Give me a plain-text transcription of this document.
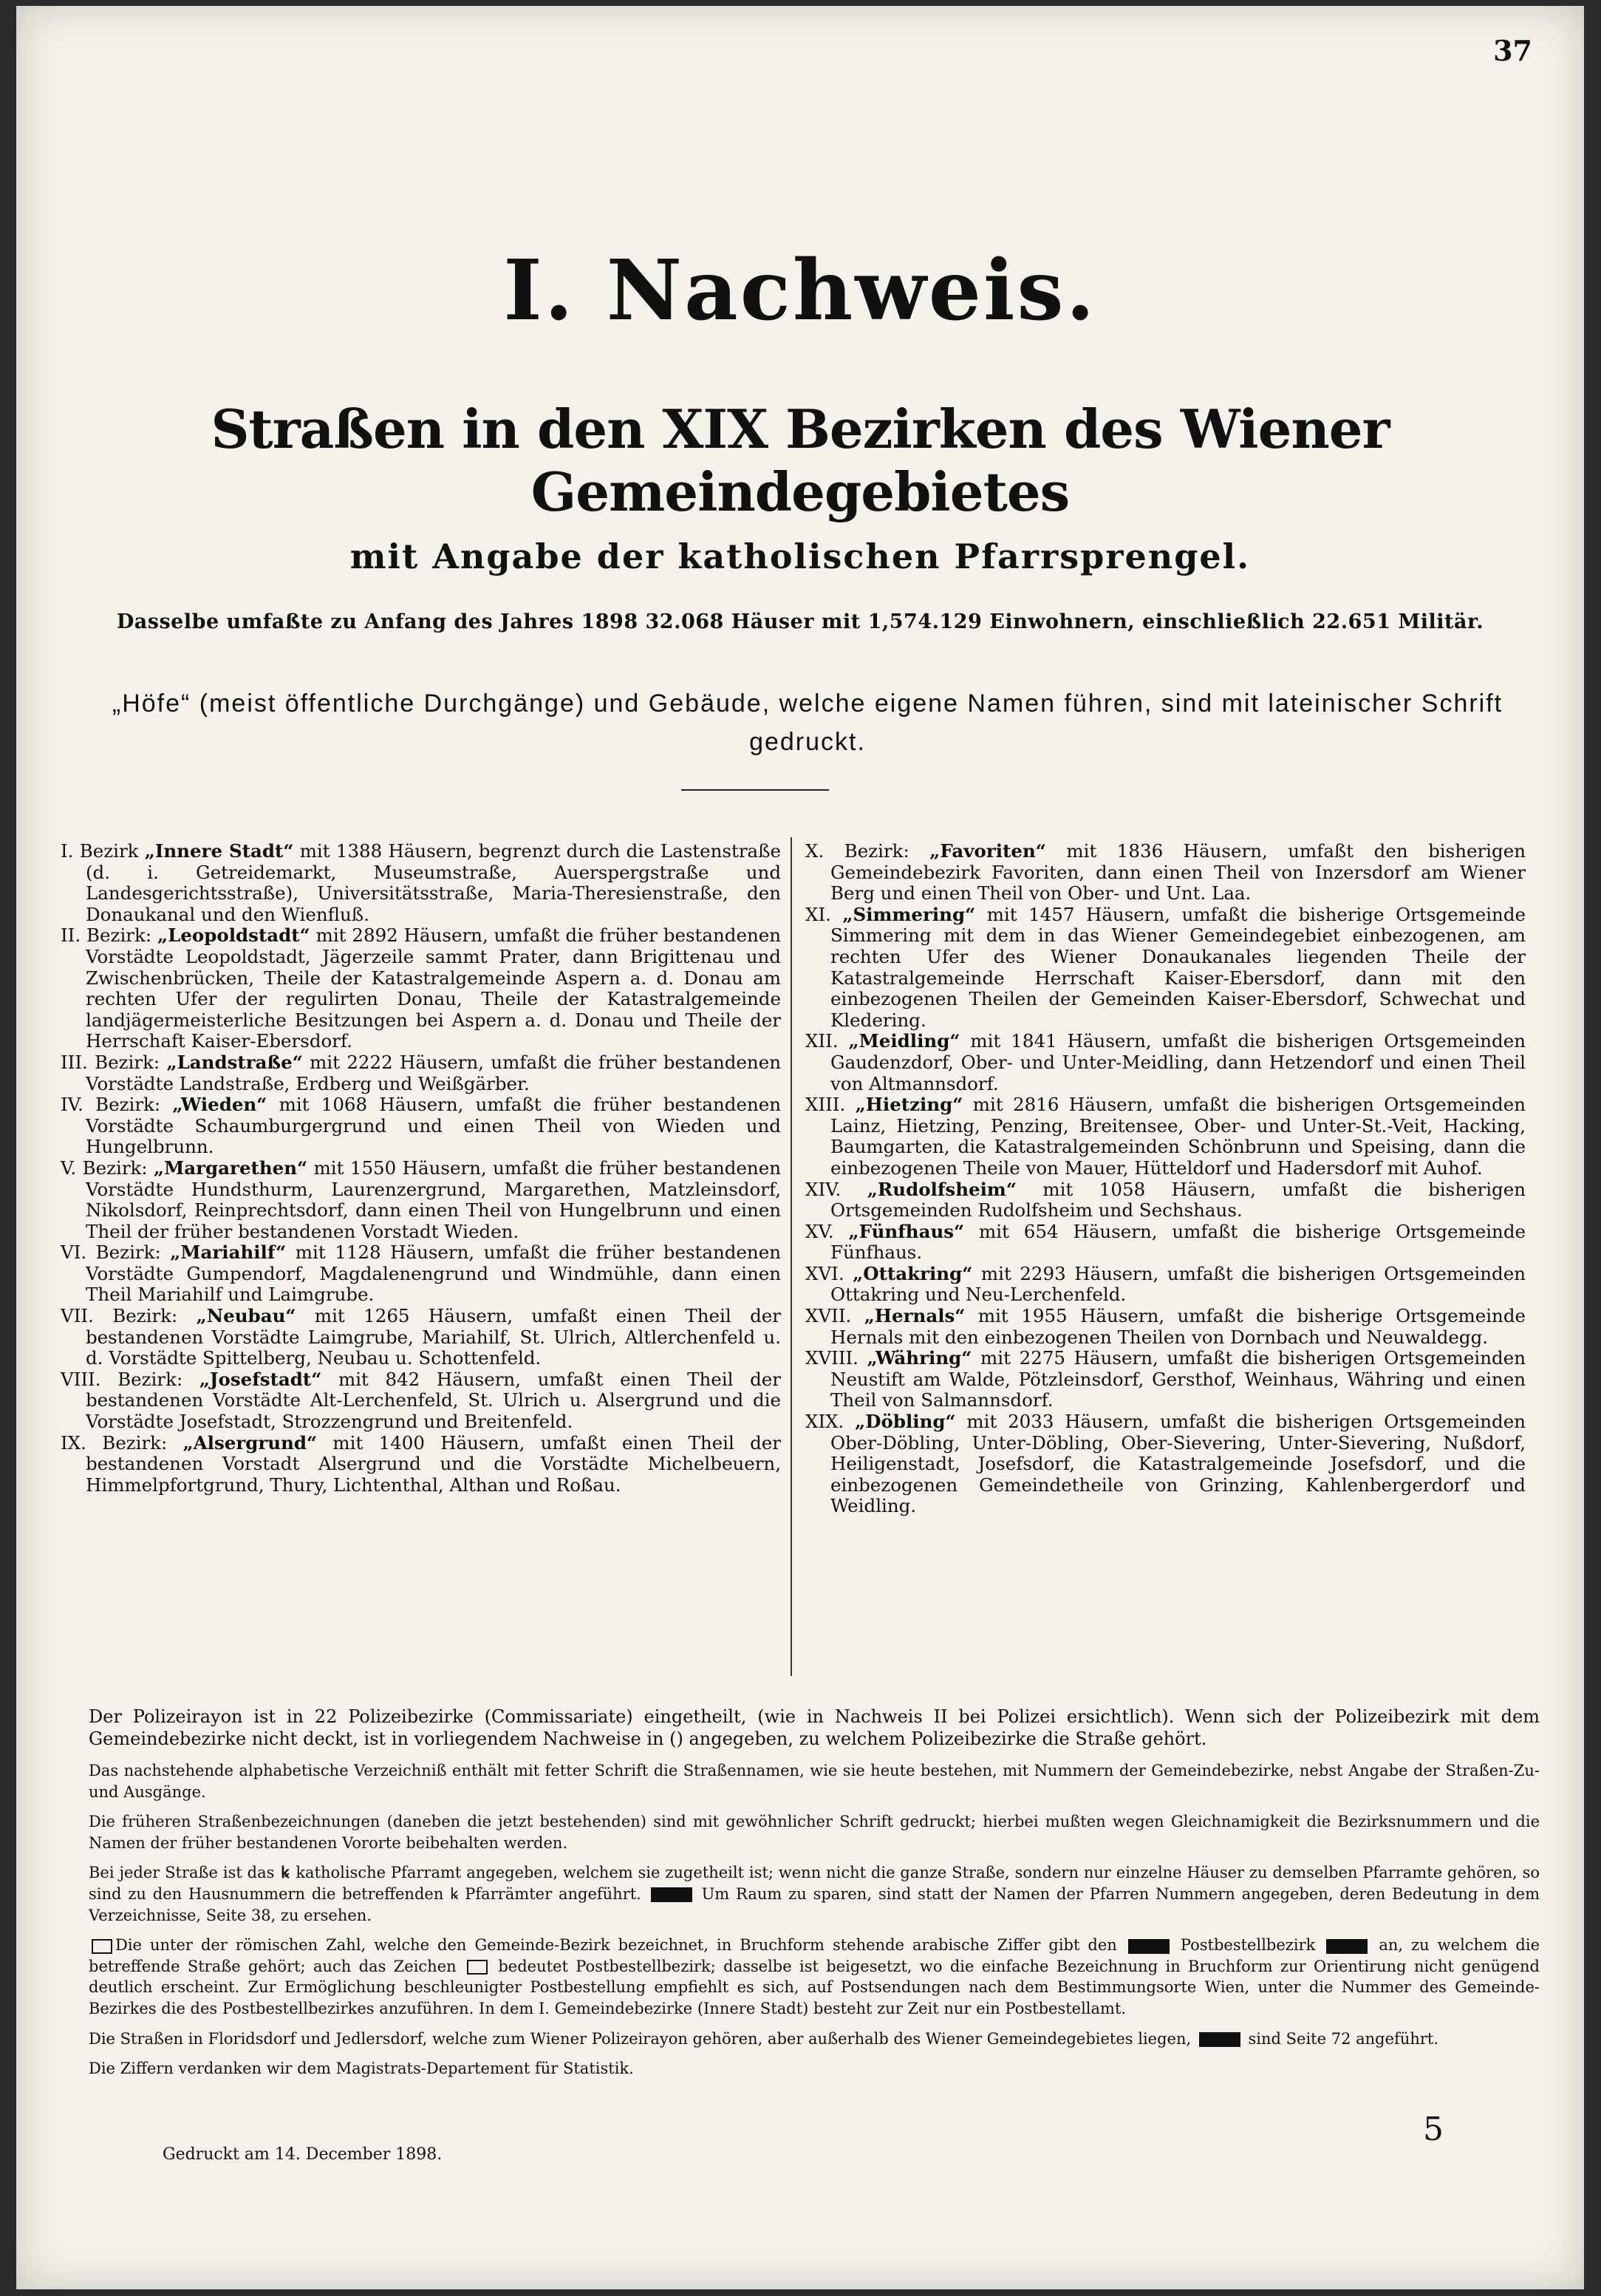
37
I. Nachweis.
Straßen in den XIX Bezirken des Wiener Gemeindegebietes
mit Angabe der katholischen Pfarrsprengel.
Dasselbe umfaßte zu Anfang des Jahres 1898 32.068 Häuser mit 1,574.129 Einwohnern, einschließlich 22.651 Militär.
„Höfe“ (meist öffentliche Durchgänge) und Gebäude, welche eigene Namen führen, sind mit lateinischer Schrift gedruckt.

I. Bezirk „Innere Stadt“ mit 1388 Häusern, begrenzt durch die Lastenstraße (d. i. Getreidemarkt, Museumstraße, Auerspergstraße und Landesgerichtsstraße), Universitätsstraße, Maria-Theresienstraße, den Donaukanal und den Wienfluß.

II. Bezirk: „Leopoldstadt“ mit 2892 Häusern, umfaßt die früher bestandenen Vorstädte Leopoldstadt, Jägerzeile sammt Prater, dann Brigittenau und Zwischenbrücken, Theile der Katastralgemeinde Aspern a. d. Donau am rechten Ufer der regulirten Donau, Theile der Katastralgemeinde landjägermeisterliche Besitzungen bei Aspern a. d. Donau und Theile der Herrschaft Kaiser-Ebersdorf.

III. Bezirk: „Landstraße“ mit 2222 Häusern, umfaßt die früher bestandenen Vorstädte Landstraße, Erdberg und Weißgärber.

IV. Bezirk: „Wieden“ mit 1068 Häusern, umfaßt die früher bestandenen Vorstädte Schaumburgergrund und einen Theil von Wieden und Hungelbrunn.

V. Bezirk: „Margarethen“ mit 1550 Häusern, umfaßt die früher bestandenen Vorstädte Hundsthurm, Laurenzergrund, Margarethen, Matzleinsdorf, Nikolsdorf, Reinprechtsdorf, dann einen Theil von Hungelbrunn und einen Theil der früher bestandenen Vorstadt Wieden.

VI. Bezirk: „Mariahilf“ mit 1128 Häusern, umfaßt die früher bestandenen Vorstädte Gumpendorf, Magdalenengrund und Windmühle, dann einen Theil Mariahilf und Laimgrube.

VII. Bezirk: „Neubau“ mit 1265 Häusern, umfaßt einen Theil der bestandenen Vorstädte Laimgrube, Mariahilf, St. Ulrich, Altlerchenfeld u. d. Vorstädte Spittelberg, Neubau u. Schottenfeld.

VIII. Bezirk: „Josefstadt“ mit 842 Häusern, umfaßt einen Theil der bestandenen Vorstädte Alt-Lerchenfeld, St. Ulrich u. Alsergrund und die Vorstädte Josefstadt, Strozzengrund und Breitenfeld.

IX. Bezirk: „Alsergrund“ mit 1400 Häusern, umfaßt einen Theil der bestandenen Vorstadt Alsergrund und die Vorstädte Michelbeuern, Himmelpfortgrund, Thury, Lichtenthal, Althan und Roßau.

X. Bezirk: „Favoriten“ mit 1836 Häusern, umfaßt den bisherigen Gemeindebezirk Favoriten, dann einen Theil von Inzersdorf am Wiener Berg und einen Theil von Ober- und Unt. Laa.

XI. „Simmering“ mit 1457 Häusern, umfaßt die bisherige Ortsgemeinde Simmering mit dem in das Wiener Gemeindegebiet einbezogenen, am rechten Ufer des Wiener Donaukanales liegenden Theile der Katastralgemeinde Herrschaft Kaiser-Ebersdorf, dann mit den einbezogenen Theilen der Gemeinden Kaiser-Ebersdorf, Schwechat und Kledering.

XII. „Meidling“ mit 1841 Häusern, umfaßt die bisherigen Ortsgemeinden Gaudenzdorf, Ober- und Unter-Meidling, dann Hetzendorf und einen Theil von Altmannsdorf.

XIII. „Hietzing“ mit 2816 Häusern, umfaßt die bisherigen Ortsgemeinden Lainz, Hietzing, Penzing, Breitensee, Ober- und Unter-St.-Veit, Hacking, Baumgarten, die Katastralgemeinden Schönbrunn und Speising, dann die einbezogenen Theile von Mauer, Hütteldorf und Hadersdorf mit Auhof.

XIV. „Rudolfsheim“ mit 1058 Häusern, umfaßt die bisherigen Ortsgemeinden Rudolfsheim und Sechshaus.

XV. „Fünfhaus“ mit 654 Häusern, umfaßt die bisherige Ortsgemeinde Fünfhaus.

XVI. „Ottakring“ mit 2293 Häusern, umfaßt die bisherigen Ortsgemeinden Ottakring und Neu-Lerchenfeld.

XVII. „Hernals“ mit 1955 Häusern, umfaßt die bisherige Ortsgemeinde Hernals mit den einbezogenen Theilen von Dornbach und Neuwaldegg.

XVIII. „Währing“ mit 2275 Häusern, umfaßt die bisherigen Ortsgemeinden Neustift am Walde, Pötzleinsdorf, Gersthof, Weinhaus, Währing und einen Theil von Salmannsdorf.

XIX. „Döbling“ mit 2033 Häusern, umfaßt die bisherigen Ortsgemeinden Ober-Döbling, Unter-Döbling, Ober-Sievering, Unter-Sievering, Nußdorf, Heiligenstadt, Josefsdorf, die Katastralgemeinde Josefsdorf, und die einbezogenen Gemeindetheile von Grinzing, Kahlenbergerdorf und Weidling.

Der Polizeirayon ist in 22 Polizeibezirke (Commissariate) eingetheilt, (wie in Nachweis II bei Polizei ersichtlich). Wenn sich der Polizeibezirk mit dem Gemeindebezirke nicht deckt, ist in vorliegendem Nachweise in () angegeben, zu welchem Polizeibezirke die Straße gehört.

Das nachstehende alphabetische Verzeichniß enthält mit fetter Schrift die Straßennamen, wie sie heute bestehen, mit Nummern der Gemeindebezirke, nebst Angabe der Straßen-Zu- und Ausgänge.

Die früheren Straßenbezeichnungen (daneben die jetzt bestehenden) sind mit gewöhnlicher Schrift gedruckt; hierbei mußten wegen Gleichnamigkeit die Bezirksnummern und die Namen der früher bestandenen Vororte beibehalten werden.

Bei jeder Straße ist das ꝃ katholische Pfarramt angegeben, welchem sie zugetheilt ist; wenn nicht die ganze Straße, sondern nur einzelne Häuser zu demselben Pfarramte gehören, so sind zu den Hausnummern die betreffenden ꝃ Pfarrämter angeführt.	Um Raum zu sparen, sind statt der Namen der Pfarren Nummern angegeben, deren Bedeutung in dem Verzeichnisse, Seite 38, zu ersehen.

Die unter der römischen Zahl, welche den Gemeinde-Bezirk bezeichnet, in Bruchform stehende arabische Ziffer gibt den	Postbestellbezirk	an, zu welchem die betreffende Straße gehört; auch das Zeichen  bedeutet Postbestellbezirk; dasselbe ist beigesetzt, wo die einfache Bezeichnung in Bruchform zur Orientirung nicht genügend deutlich erscheint. Zur Ermöglichung beschleunigter Postbestellung empfiehlt es sich, auf Postsendungen nach dem Bestimmungsorte Wien, unter die Nummer des Gemeinde-Bezirkes die des Postbestellbezirkes anzuführen. In dem I. Gemeindebezirke (Innere Stadt) besteht zur Zeit nur ein Postbestellamt.

Die Straßen in Floridsdorf und Jedlersdorf, welche zum Wiener Polizeirayon gehören, aber außerhalb des Wiener Gemeindegebietes liegen,	sind Seite 72 angeführt.

Die Ziffern verdanken wir dem Magistrats-Departement für Statistik.

5
Gedruckt am 14. December 1898.
